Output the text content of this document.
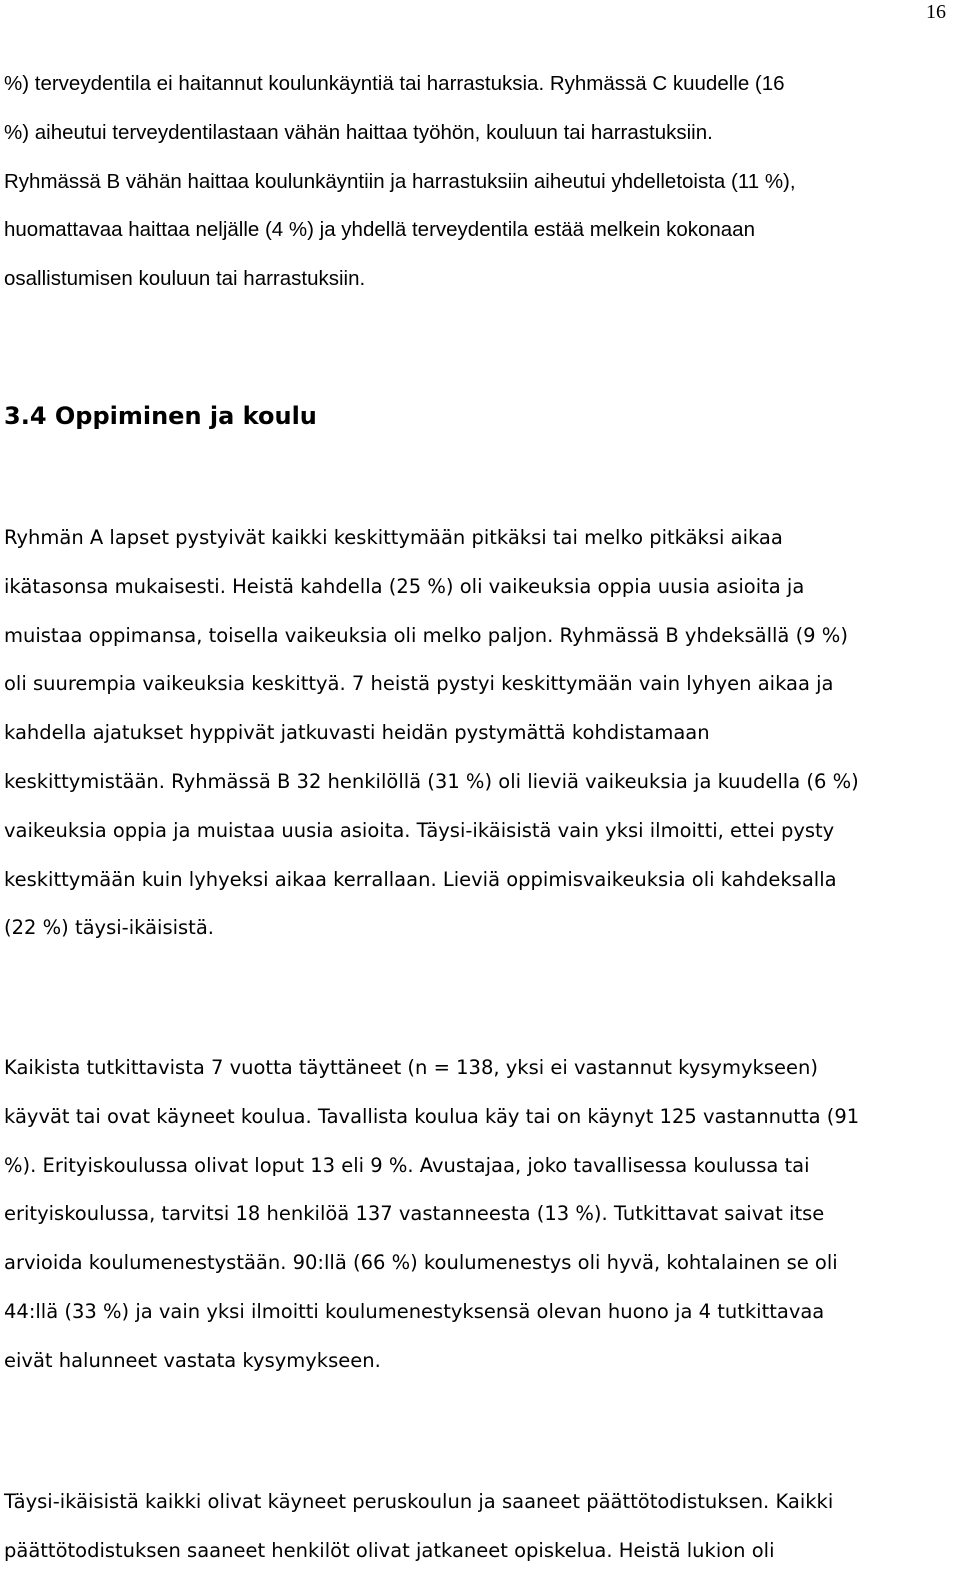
16

%) terveydentila ei haitannut koulunkäyntiä tai harrastuksia. Ryhmässä C kuudelle (16
%) aiheutui terveydentilastaan vähän haittaa työhön, kouluun tai harrastuksiin.
Ryhmässä B vähän haittaa koulunkäyntiin ja harrastuksiin aiheutui yhdelletoista (11 %),
huomattavaa haittaa neljälle (4 %) ja yhdellä terveydentila estää melkein kokonaan
osallistumisen kouluun tai harrastuksiin.

3.4 Oppiminen ja koulu

Ryhmän A lapset pystyivät kaikki keskittymään pitkäksi tai melko pitkäksi aikaa
ikätasonsa mukaisesti. Heistä kahdella (25 %) oli vaikeuksia oppia uusia asioita ja
muistaa oppimansa, toisella vaikeuksia oli melko paljon. Ryhmässä B yhdeksällä (9 %)
oli suurempia vaikeuksia keskittyä. 7 heistä pystyi keskittymään vain lyhyen aikaa ja
kahdella ajatukset hyppivät jatkuvasti heidän pystymättä kohdistamaan
keskittymistään. Ryhmässä B 32 henkilöllä (31 %) oli lieviä vaikeuksia ja kuudella (6 %)
vaikeuksia oppia ja muistaa uusia asioita. Täysi-ikäisistä vain yksi ilmoitti, ettei pysty
keskittymään kuin lyhyeksi aikaa kerrallaan. Lieviä oppimisvaikeuksia oli kahdeksalla
(22 %) täysi-ikäisistä.

Kaikista tutkittavista 7 vuotta täyttäneet (n = 138, yksi ei vastannut kysymykseen)
käyvät tai ovat käyneet koulua. Tavallista koulua käy tai on käynyt 125 vastannutta (91
%). Erityiskoulussa olivat loput 13 eli 9 %. Avustajaa, joko tavallisessa koulussa tai
erityiskoulussa, tarvitsi 18 henkilöä 137 vastanneesta (13 %). Tutkittavat saivat itse
arvioida koulumenestystään. 90:llä (66 %) koulumenestys oli hyvä, kohtalainen se oli
44:llä (33 %) ja vain yksi ilmoitti koulumenestyksensä olevan huono ja 4 tutkittavaa
eivät halunneet vastata kysymykseen.

Täysi-ikäisistä kaikki olivat käyneet peruskoulun ja saaneet päättötodistuksen. Kaikki
päättötodistuksen saaneet henkilöt olivat jatkaneet opiskelua. Heistä lukion oli
